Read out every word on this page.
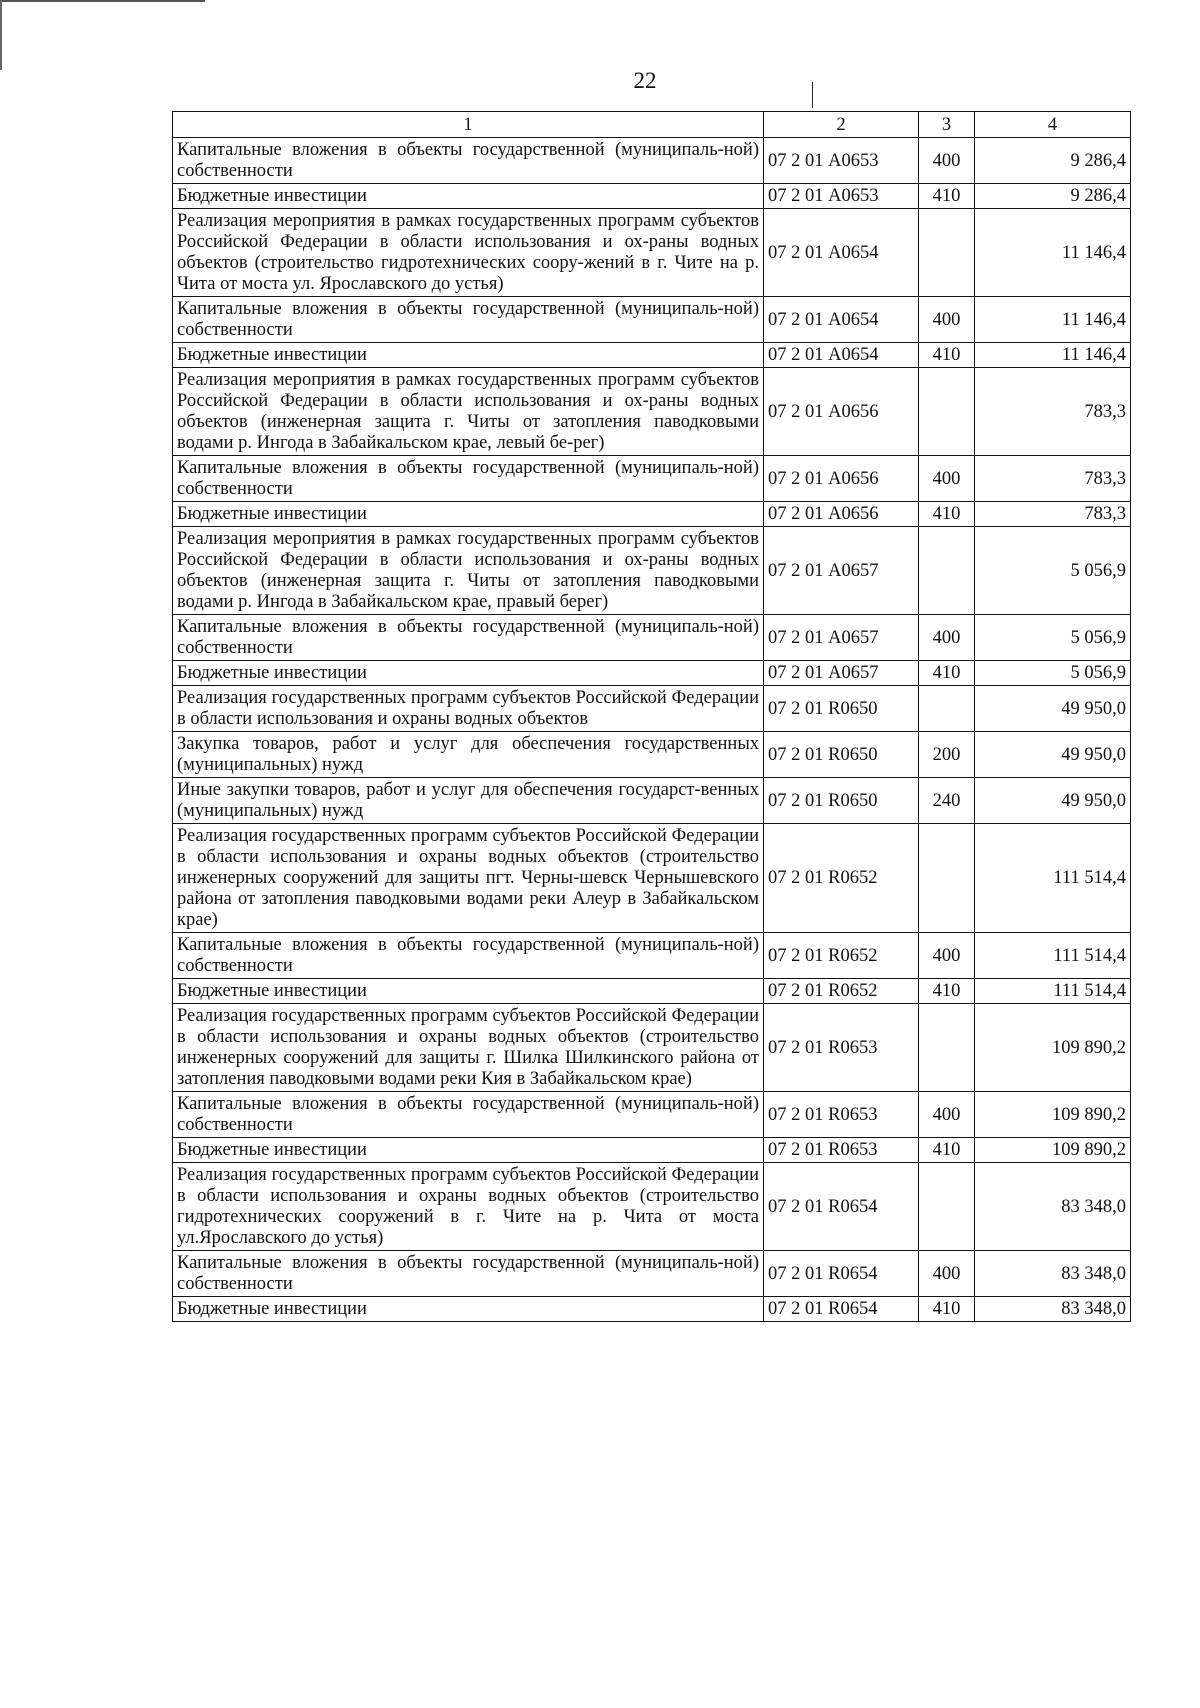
22
1	2	3	4
Капитальные вложения в объекты государственной (муниципаль-ной) собственности	07 2 01 А0653	400	9 286,4
Бюджетные инвестиции	07 2 01 А0653	410	9 286,4
Реализация мероприятия в рамках государственных программ субъектов Российской Федерации в области использования и ох-раны водных объектов (строительство гидротехнических соору-жений в г. Чите на р. Чита от моста ул. Ярославского до устья)	07 2 01 А0654		11 146,4
Капитальные вложения в объекты государственной (муниципаль-ной) собственности	07 2 01 А0654	400	11 146,4
Бюджетные инвестиции	07 2 01 А0654	410	11 146,4
Реализация мероприятия в рамках государственных программ субъектов Российской Федерации в области использования и ох-раны водных объектов (инженерная защита г. Читы от затопления паводковыми водами р. Ингода в Забайкальском крае, левый бе-рег)	07 2 01 А0656		783,3
Капитальные вложения в объекты государственной (муниципаль-ной) собственности	07 2 01 А0656	400	783,3
Бюджетные инвестиции	07 2 01 А0656	410	783,3
Реализация мероприятия в рамках государственных программ субъектов Российской Федерации в области использования и ох-раны водных объектов (инженерная защита г. Читы от затопления паводковыми водами р. Ингода в Забайкальском крае, правый берег)	07 2 01 А0657		5 056,9
Капитальные вложения в объекты государственной (муниципаль-ной) собственности	07 2 01 А0657	400	5 056,9
Бюджетные инвестиции	07 2 01 А0657	410	5 056,9
Реализация государственных программ субъектов Российской Федерации в области использования и охраны водных объектов	07 2 01 R0650		49 950,0
Закупка товаров, работ и услуг для обеспечения государственных (муниципальных) нужд	07 2 01 R0650	200	49 950,0
Иные закупки товаров, работ и услуг для обеспечения государст-венных (муниципальных) нужд	07 2 01 R0650	240	49 950,0
Реализация государственных программ субъектов Российской Федерации в области использования и охраны водных объектов (строительство инженерных сооружений для защиты пгт. Черны-шевск Чернышевского района от затопления паводковыми водами реки Алеур в Забайкальском крае)	07 2 01 R0652		111 514,4
Капитальные вложения в объекты государственной (муниципаль-ной) собственности	07 2 01 R0652	400	111 514,4
Бюджетные инвестиции	07 2 01 R0652	410	111 514,4
Реализация государственных программ субъектов Российской Федерации в области использования и охраны водных объектов (строительство инженерных сооружений для защиты г. Шилка Шилкинского района от затопления паводковыми водами реки Кия в Забайкальском крае)	07 2 01 R0653		109 890,2
Капитальные вложения в объекты государственной (муниципаль-ной) собственности	07 2 01 R0653	400	109 890,2
Бюджетные инвестиции	07 2 01 R0653	410	109 890,2
Реализация государственных программ субъектов Российской Федерации в области использования и охраны водных объектов (строительство гидротехнических сооружений в г. Чите на р. Чита от моста ул.Ярославского до устья)	07 2 01 R0654		83 348,0
Капитальные вложения в объекты государственной (муниципаль-ной) собственности	07 2 01 R0654	400	83 348,0
Бюджетные инвестиции	07 2 01 R0654	410	83 348,0
